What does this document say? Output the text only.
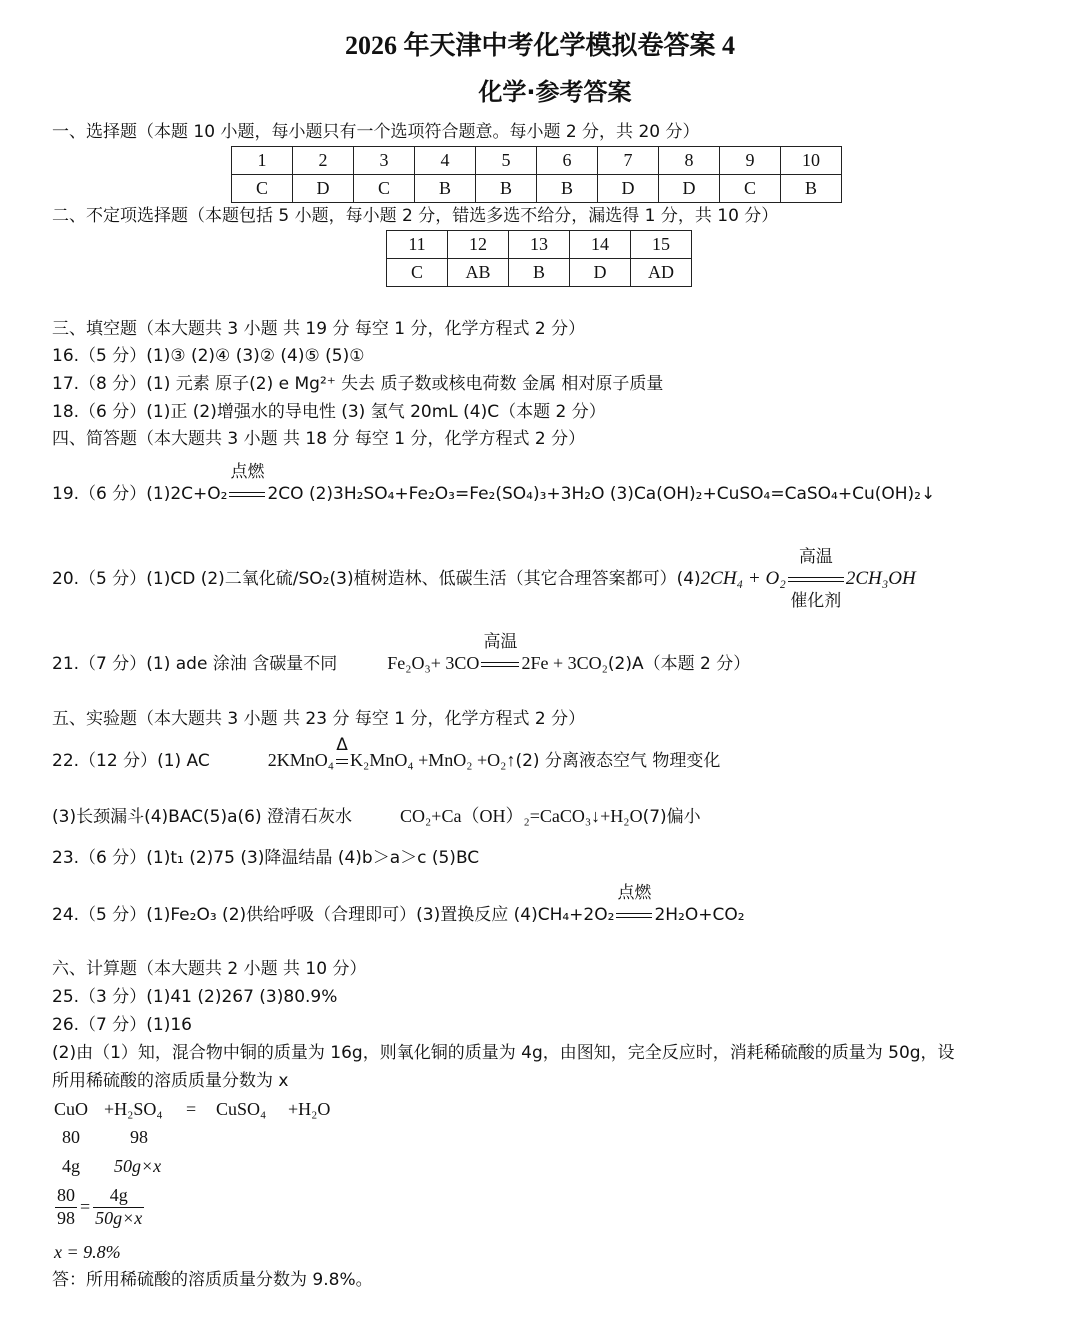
2026 年天津中考化学模拟卷答案 4
化学·参考答案
一、选择题（本题 10 小题，每小题只有一个选项符合题意。每小题 2 分，共 20 分）
1	2	3	4	5	6	7	8	9	10
C	D	C	B	B	B	D	D	C	B
二、不定项选择题（本题包括 5 小题，每小题 2 分，错选多选不给分，漏选得 1 分，共 10 分）
11	12	13	14	15
C	AB	B	D	AD
三、填空题（本大题共 3 小题 共 19 分 每空 1 分，化学方程式 2 分）
16.（5 分）(1)③ (2)④ (3)② (4)⑤ (5)①
17.（8 分）(1) 元素 原子(2) e Mg²⁺ 失去 质子数或核电荷数 金属 相对原子质量
18.（6 分）(1)正 (2)增强水的导电性 (3) 氢气 20mL (4)C（本题 2 分）
四、简答题（本大题共 3 小题 共 18 分 每空 1 分，化学方程式 2 分）
19.（6 分）(1)2C+O₂
点燃
2CO (2)3H₂SO₄+Fe₂O₃=Fe₂(SO₄)₃+3H₂O (3)Ca(OH)₂+CuSO₄=CaSO₄+Cu(OH)₂↓
20.（5 分）(1)CD (2)二氧化硫/SO₂(3)植树造林、低碳生活（其它合理答案都可）(4)2CH₄ + O₂
高温
催化剂
2CH₃OH
21.（7 分）(1) ade 涂油 含碳量不同	Fe₂O₃+ 3CO
高温
2Fe + 3CO₂(2)A（本题 2 分）
五、实验题（本大题共 3 小题 共 23 分 每空 1 分，化学方程式 2 分）
22.（12 分）(1) AC	2KMnO₄
Δ
K₂MnO₄ +MnO₂ +O₂↑(2) 分离液态空气 物理变化
(3)长颈漏斗(4)BAC(5)a(6) 澄清石灰水	CO₂+Ca（OH）₂=CaCO₃↓+H₂O(7)偏小
23.（6 分）(1)t₁ (2)75 (3)降温结晶 (4)b＞a＞c (5)BC
24.（5 分）(1)Fe₂O₃ (2)供给呼吸（合理即可）(3)置换反应 (4)CH₄+2O₂
点燃
2H₂O+CO₂
六、计算题（本大题共 2 小题 共 10 分）
25.（3 分）(1)41 (2)267 (3)80.9%
26.（7 分）(1)16
(2)由（1）知，混合物中铜的质量为 16g，则氧化铜的质量为 4g，由图知，完全反应时，消耗稀硫酸的质量为 50g，设
所用稀硫酸的溶质质量分数为 x
CuO +H₂SO₄ = CuSO₄ +H₂O
80	98
4g 50g×x
$\frac{80}{98} = \frac{4g}{50g\times x}$
x = 9.8%
答：所用稀硫酸的溶质质量分数为 9.8%。
